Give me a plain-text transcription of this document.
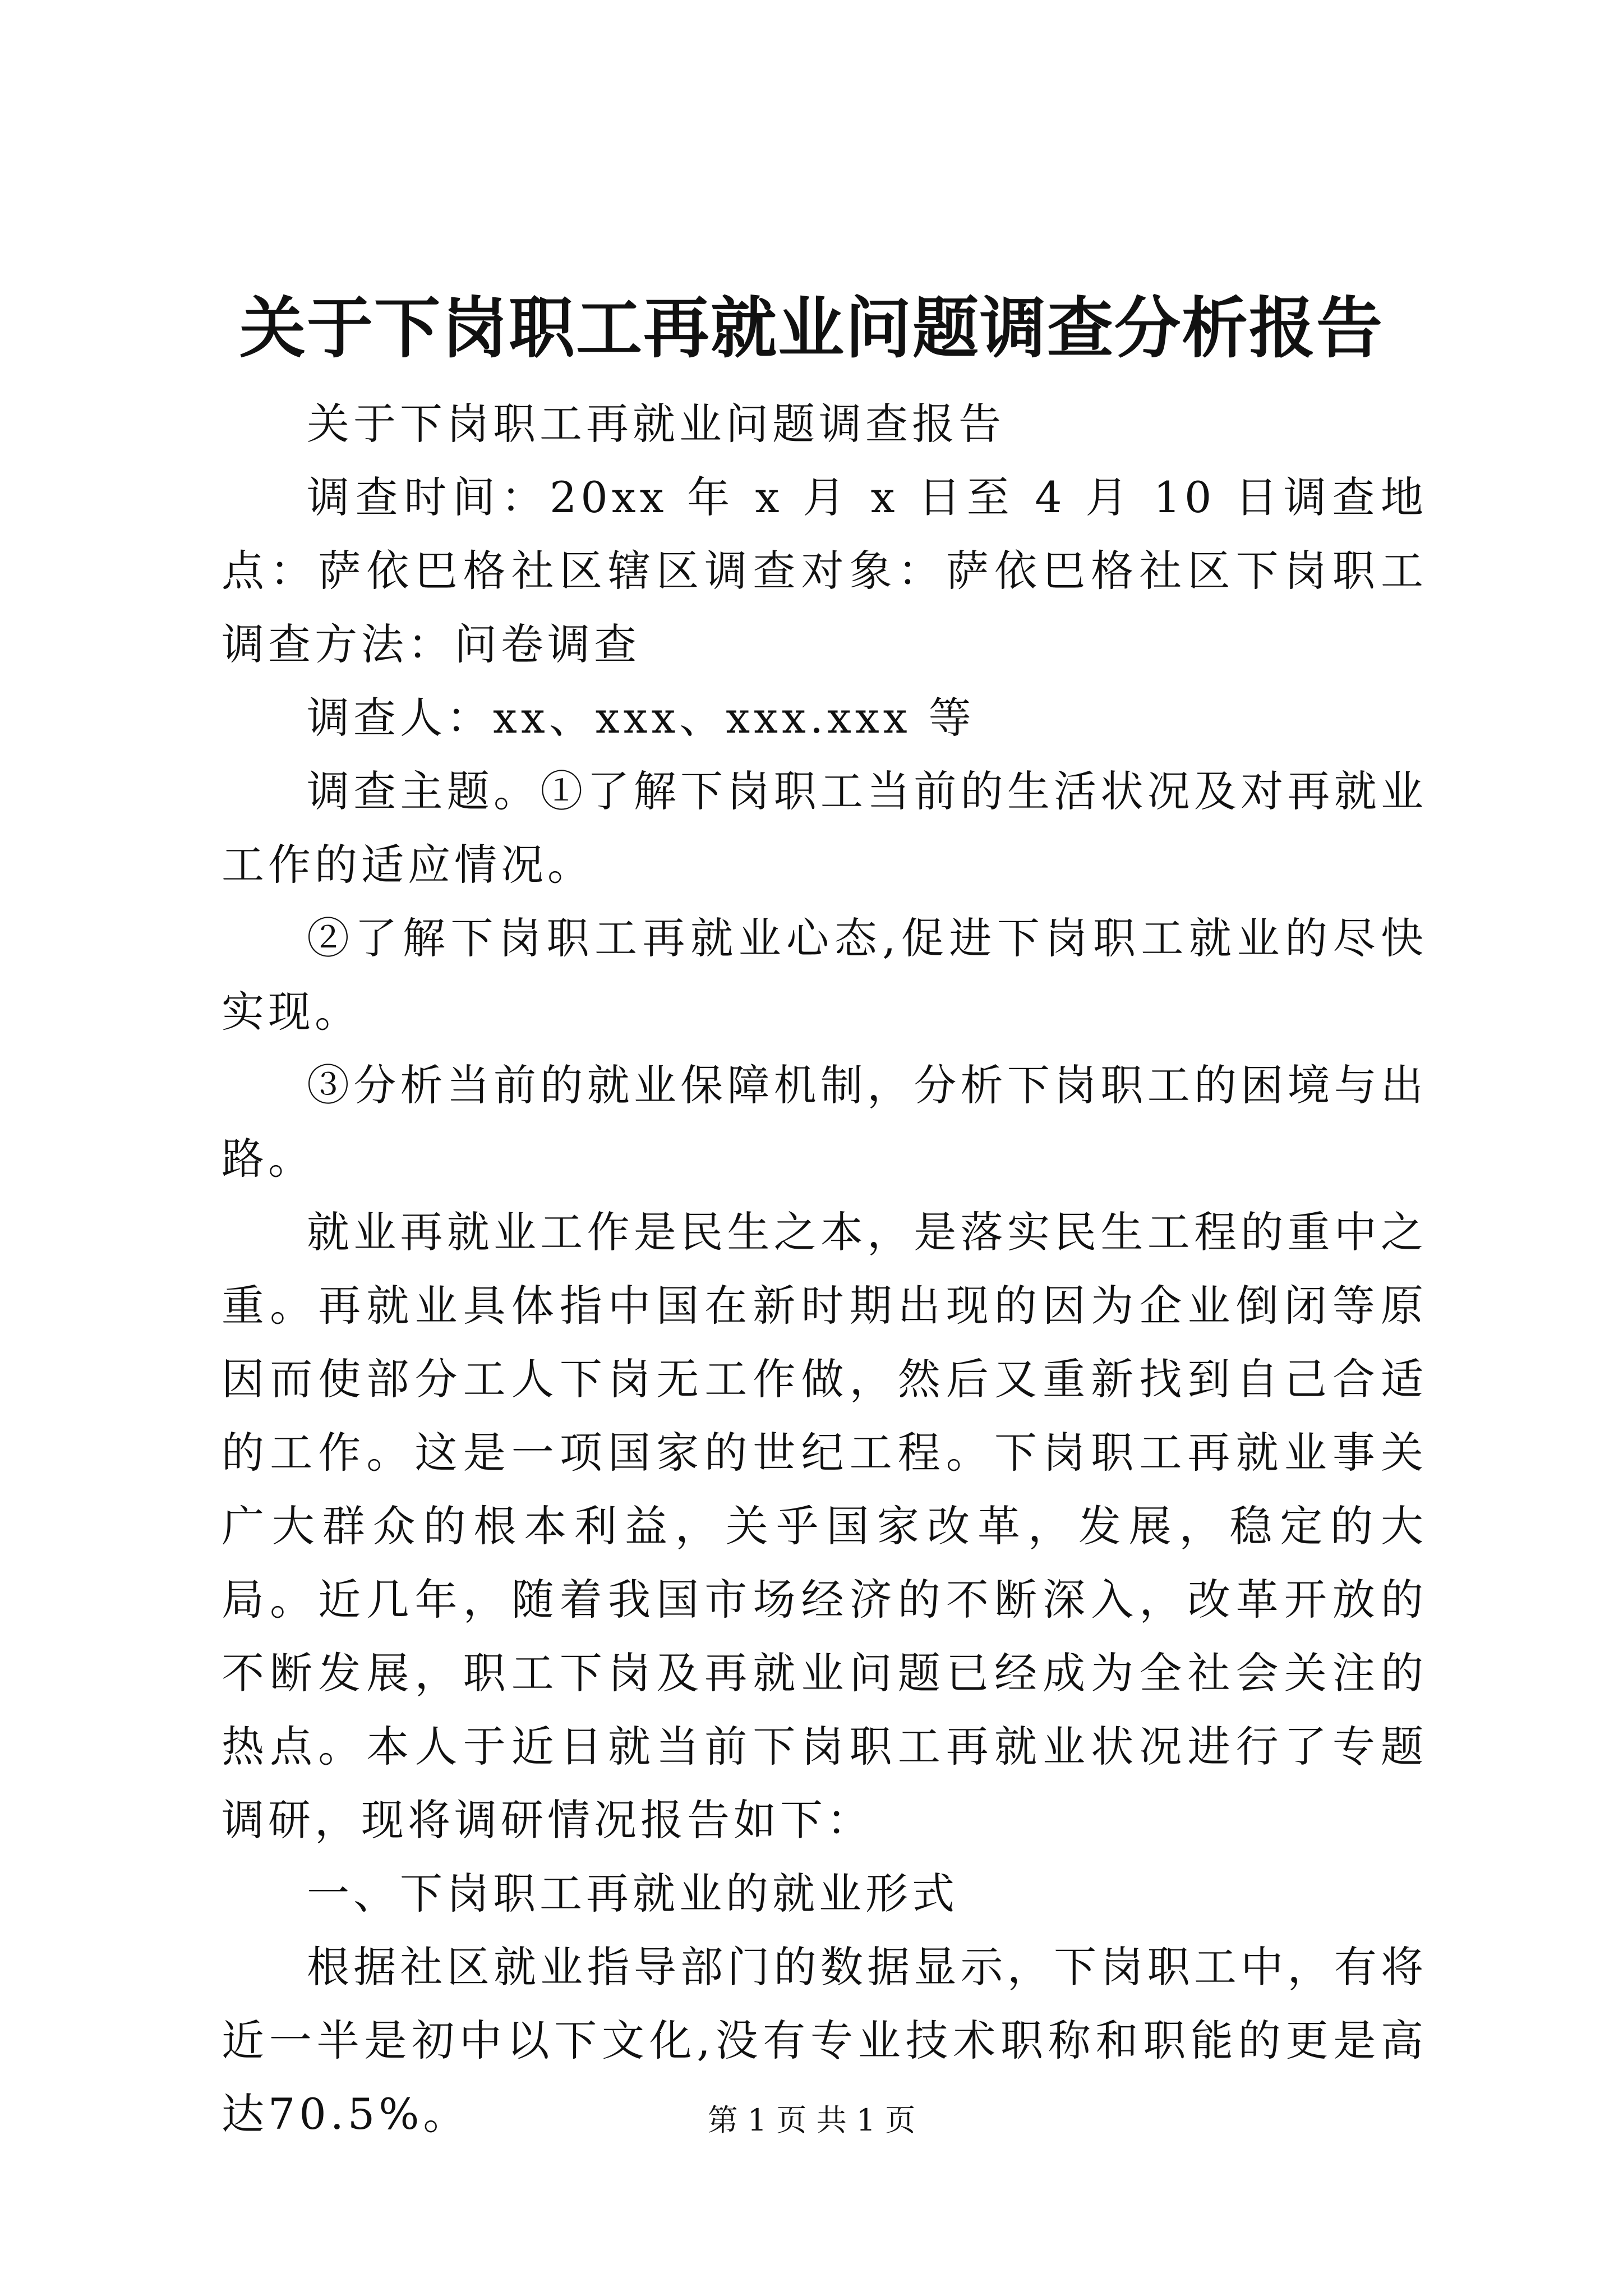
关于下岗职工再就业问题调查分析报告

关于下岗职工再就业问题调查报告

调查时间：20xx 年 x 月 x 日至 4 月 10 日调查地点：萨依巴格社区辖区调查对象：萨依巴格社区下岗职工调查方法：问卷调查

调查人：xx、xxx、xxx.xxx 等

调查主题。①了解下岗职工当前的生活状况及对再就业工作的适应情况。

②了解下岗职工再就业心态,促进下岗职工就业的尽快实现。

③分析当前的就业保障机制，分析下岗职工的困境与出路。

就业再就业工作是民生之本，是落实民生工程的重中之重。再就业具体指中国在新时期出现的因为企业倒闭等原因而使部分工人下岗无工作做，然后又重新找到自己合适的工作。这是一项国家的世纪工程。下岗职工再就业事关广大群众的根本利益，关乎国家改革，发展，稳定的大局。近几年，随着我国市场经济的不断深入，改革开放的不断发展，职工下岗及再就业问题已经成为全社会关注的热点。本人于近日就当前下岗职工再就业状况进行了专题调研，现将调研情况报告如下：

一、下岗职工再就业的就业形式

根据社区就业指导部门的数据显示，下岗职工中，有将近一半是初中以下文化,没有专业技术职称和职能的更是高达70.5%。	第 1 页 共 1 页
